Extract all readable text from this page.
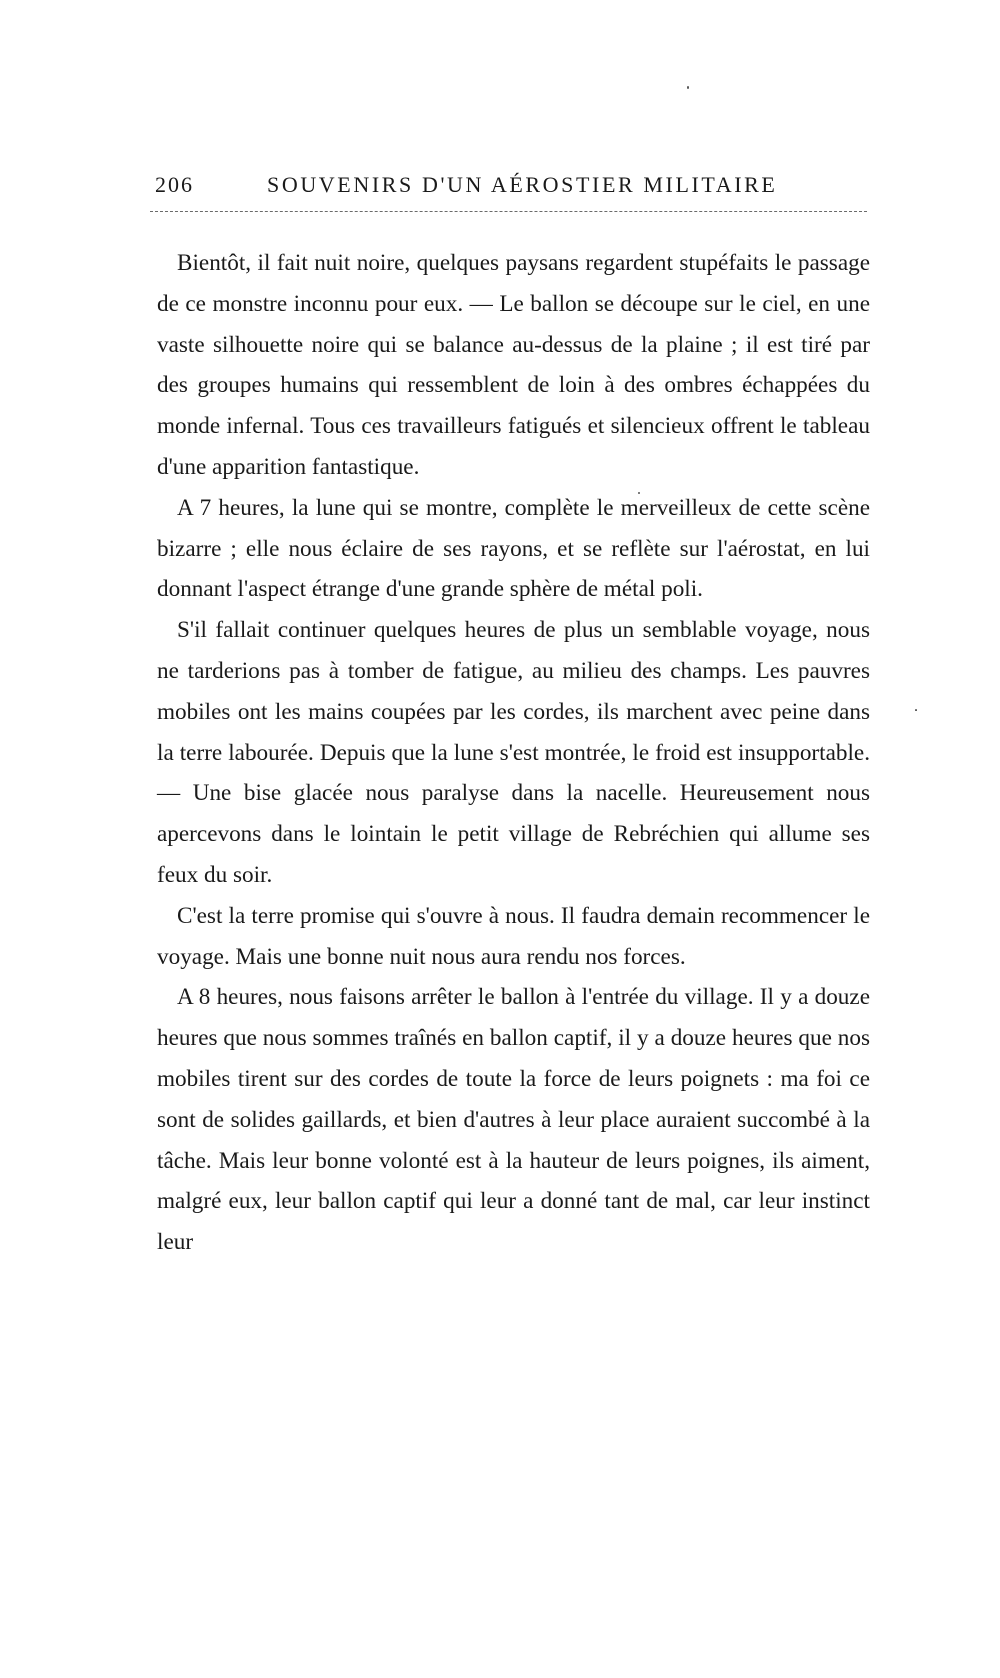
206	SOUVENIRS D'UN AÉROSTIER MILITAIRE

Bientôt, il fait nuit noire, quelques paysans regardent stupéfaits le passage de ce monstre inconnu pour eux. — Le ballon se découpe sur le ciel, en une vaste silhouette noire qui se balance au-dessus de la plaine ; il est tiré par des groupes humains qui ressemblent de loin à des ombres échappées du monde infernal. Tous ces travailleurs fatigués et silencieux offrent le tableau d'une apparition fantastique.

A 7 heures, la lune qui se montre, complète le merveilleux de cette scène bizarre ; elle nous éclaire de ses rayons, et se reflète sur l'aérostat, en lui donnant l'aspect étrange d'une grande sphère de métal poli.

S'il fallait continuer quelques heures de plus un semblable voyage, nous ne tarderions pas à tomber de fatigue, au milieu des champs. Les pauvres mobiles ont les mains coupées par les cordes, ils marchent avec peine dans la terre labourée. Depuis que la lune s'est montrée, le froid est insupportable. — Une bise glacée nous paralyse dans la nacelle. Heureusement nous apercevons dans le lointain le petit village de Rebréchien qui allume ses feux du soir.

C'est la terre promise qui s'ouvre à nous. Il faudra demain recommencer le voyage. Mais une bonne nuit nous aura rendu nos forces.

A 8 heures, nous faisons arrêter le ballon à l'entrée du village. Il y a douze heures que nous sommes traînés en ballon captif, il y a douze heures que nos mobiles tirent sur des cordes de toute la force de leurs poignets : ma foi ce sont de solides gaillards, et bien d'autres à leur place auraient succombé à la tâche. Mais leur bonne volonté est à la hauteur de leurs poignes, ils aiment, malgré eux, leur ballon captif qui leur a donné tant de mal, car leur instinct leur

˙
